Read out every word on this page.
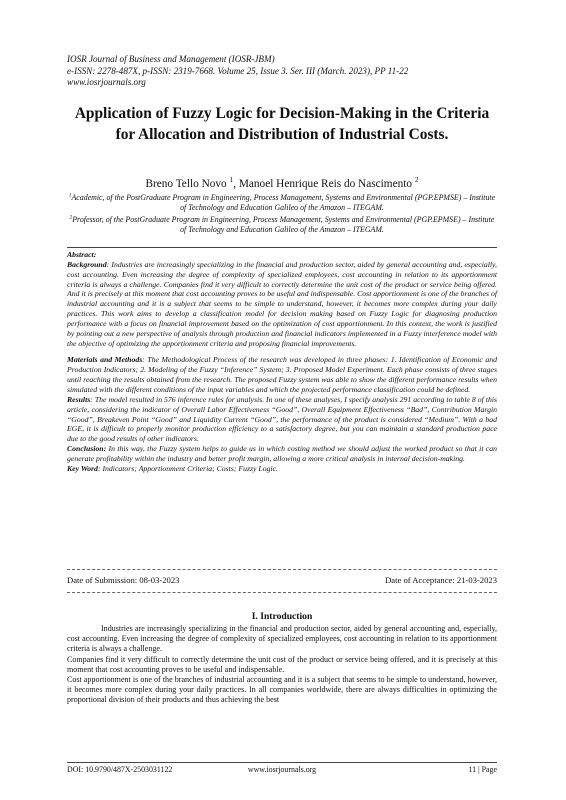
IOSR Journal of Business and Management (IOSR-JBM)
e-ISSN: 2278-487X, p-ISSN: 2319-7668. Volume 25, Issue 3. Ser. III (March. 2023), PP 11-22
www.iosrjournals.org
Application of Fuzzy Logic for Decision-Making in the Criteria for Allocation and Distribution of Industrial Costs.
Breno Tello Novo $^1$, Manoel Henrique Reis do Nascimento $^2$

$^1$Academic, of the PostGraduate Program in Engineering, Process Management, Systems and Environmental (PGP.EPMSE) – Institute of Technology and Education Galileo of the Amazon – ITEGAM.

$^2$Professor, of the PostGraduate Program in Engineering, Process Management, Systems and Environmental (PGP.EPMSE) – Institute of Technology and Education Galileo of the Amazon – ITEGAM.

Abstract:

Background: Industries are increasingly specializing in the financial and production sector, aided by general accounting and, especially, cost accounting. Even increasing the degree of complexity of specialized employees, cost accounting in relation to its apportionment criteria is always a challenge. Companies find it very difficult to correctly determine the unit cost of the product or service being offered. And it is precisely at this moment that cost accounting proves to be useful and indispensable. Cost apportionment is one of the branches of industrial accounting and it is a subject that seems to be simple to understand, however, it becomes more complex during your daily practices. This work aims to develop a classification model for decision making based on Fuzzy Logic for diagnosing production performance with a focus on financial improvement based on the optimization of cost apportionment. In this context, the work is justified by pointing out a new perspective of analysis through production and financial indicators implemented in a Fuzzy interference model with the objective of optimizing the apportionment criteria and proposing financial improvements.

Materials and Methods: The Methodological Process of the research was developed in three phases: 1. Identification of Economic and Production Indicators; 2. Modeling of the Fuzzy “Inference” System; 3. Proposed Model Experiment. Each phase consists of three stages until reaching the results obtained from the research. The proposed Fuzzy system was able to show the different performance results when simulated with the different conditions of the input variables and which the projected performance classification could be defined.

Results: The model resulted in 576 inference rules for analysis. In one of these analyses, I specify analysis 291 according to table 8 of this article, considering the indicator of Overall Labor Effectiveness “Good”, Overall Equipment Effectiveness “Bad”, Contribution Margin “Good”, Breakeven Point “Good” and Liquidity Current “Good”, the performance of the product is considered “Medium”. With a bad EGE, it is difficult to properly monitor production efficiency to a satisfactory degree, but you can maintain a standard production pace due to the good results of other indicators.

Conclusion: In this way, the Fuzzy system helps to guide us in which costing method we should adjust the worked product so that it can generate profitability within the industry and better profit margin, allowing a more critical analysis in internal decision-making.

Key Word: Indicators; Apportionment Criteria; Costs; Fuzzy Logic.

Date of Submission: 08-03-2023	Date of Acceptance: 21-03-2023
I. Introduction

Industries are increasingly specializing in the financial and production sector, aided by general accounting and, especially, cost accounting. Even increasing the degree of complexity of specialized employees, cost accounting in relation to its apportionment criteria is always a challenge.

Companies find it very difficult to correctly determine the unit cost of the product or service being offered, and it is precisely at this moment that cost accounting proves to be useful and indispensable.

Cost apportionment is one of the branches of industrial accounting and it is a subject that seems to be simple to understand, however, it becomes more complex during your daily practices. In all companies worldwide, there are always difficulties in optimizing the proportional division of their products and thus achieving the best

DOI: 10.9790/487X-2503031122	www.iosrjournals.org	11 | Page
